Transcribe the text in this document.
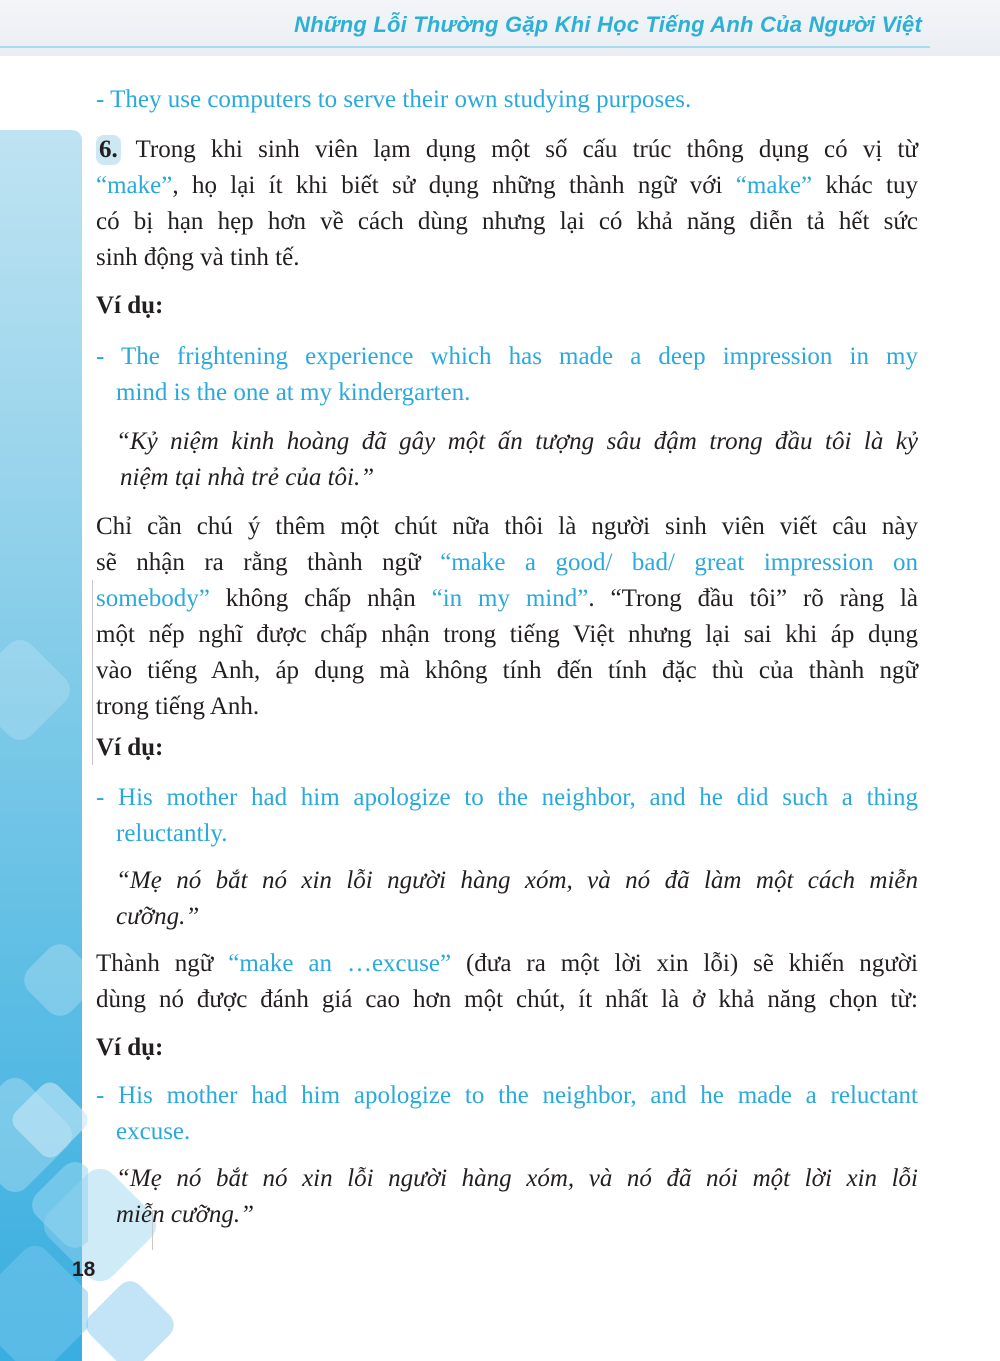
Những Lỗi Thường Gặp Khi Học Tiếng Anh Của Người Việt
18

- They use computers to serve their own studying purposes.

6. Trong khi sinh viên lạm dụng một số cấu trúc thông dụng có vị từ
“make”, họ lại ít khi biết sử dụng những thành ngữ với “make” khác tuy
có bị hạn hẹp hơn về cách dùng nhưng lại có khả năng diễn tả hết sức
sinh động và tinh tế.

Ví dụ:

- The frightening experience which has made a deep impression in my
mind is the one at my kindergarten.

“Kỷ niệm kinh hoàng đã gây một ấn tượng sâu đậm trong đầu tôi là kỷ
niệm tại nhà trẻ của tôi.”

Chỉ cần chú ý thêm một chút nữa thôi là người sinh viên viết câu này
sẽ nhận ra rằng thành ngữ “make a good/ bad/ great impression on
somebody” không chấp nhận “in my mind”. “Trong đầu tôi” rõ ràng là
một nếp nghĩ được chấp nhận trong tiếng Việt nhưng lại sai khi áp dụng
vào tiếng Anh, áp dụng mà không tính đến tính đặc thù của thành ngữ
trong tiếng Anh.

Ví dụ:

- His mother had him apologize to the neighbor, and he did such a thing
reluctantly.

“Mẹ nó bắt nó xin lỗi người hàng xóm, và nó đã làm một cách miễn
cưỡng.”

Thành ngữ “make an …excuse” (đưa ra một lời xin lỗi) sẽ khiến người
dùng nó được đánh giá cao hơn một chút, ít nhất là ở khả năng chọn từ:

Ví dụ:

- His mother had him apologize to the neighbor, and he made a reluctant
excuse.

“Mẹ nó bắt nó xin lỗi người hàng xóm, và nó đã nói một lời xin lỗi
miễn cưỡng.”
